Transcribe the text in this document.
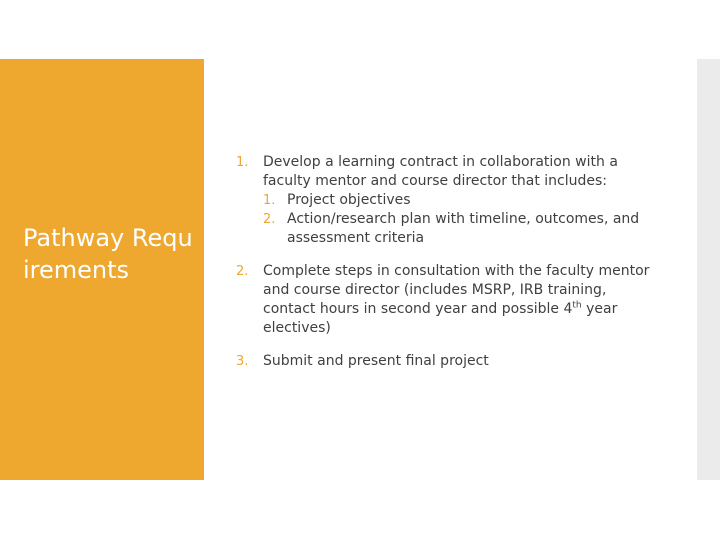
Pathway Requirements
1. Develop a learning contract in collaboration with a faculty mentor and course director that includes:
1. Project objectives
2. Action/research plan with timeline, outcomes, and assessment criteria
2. Complete steps in consultation with the faculty mentor and course director (includes MSRP, IRB training, contact hours in second year and possible 4th year electives)
3. Submit and present final project
